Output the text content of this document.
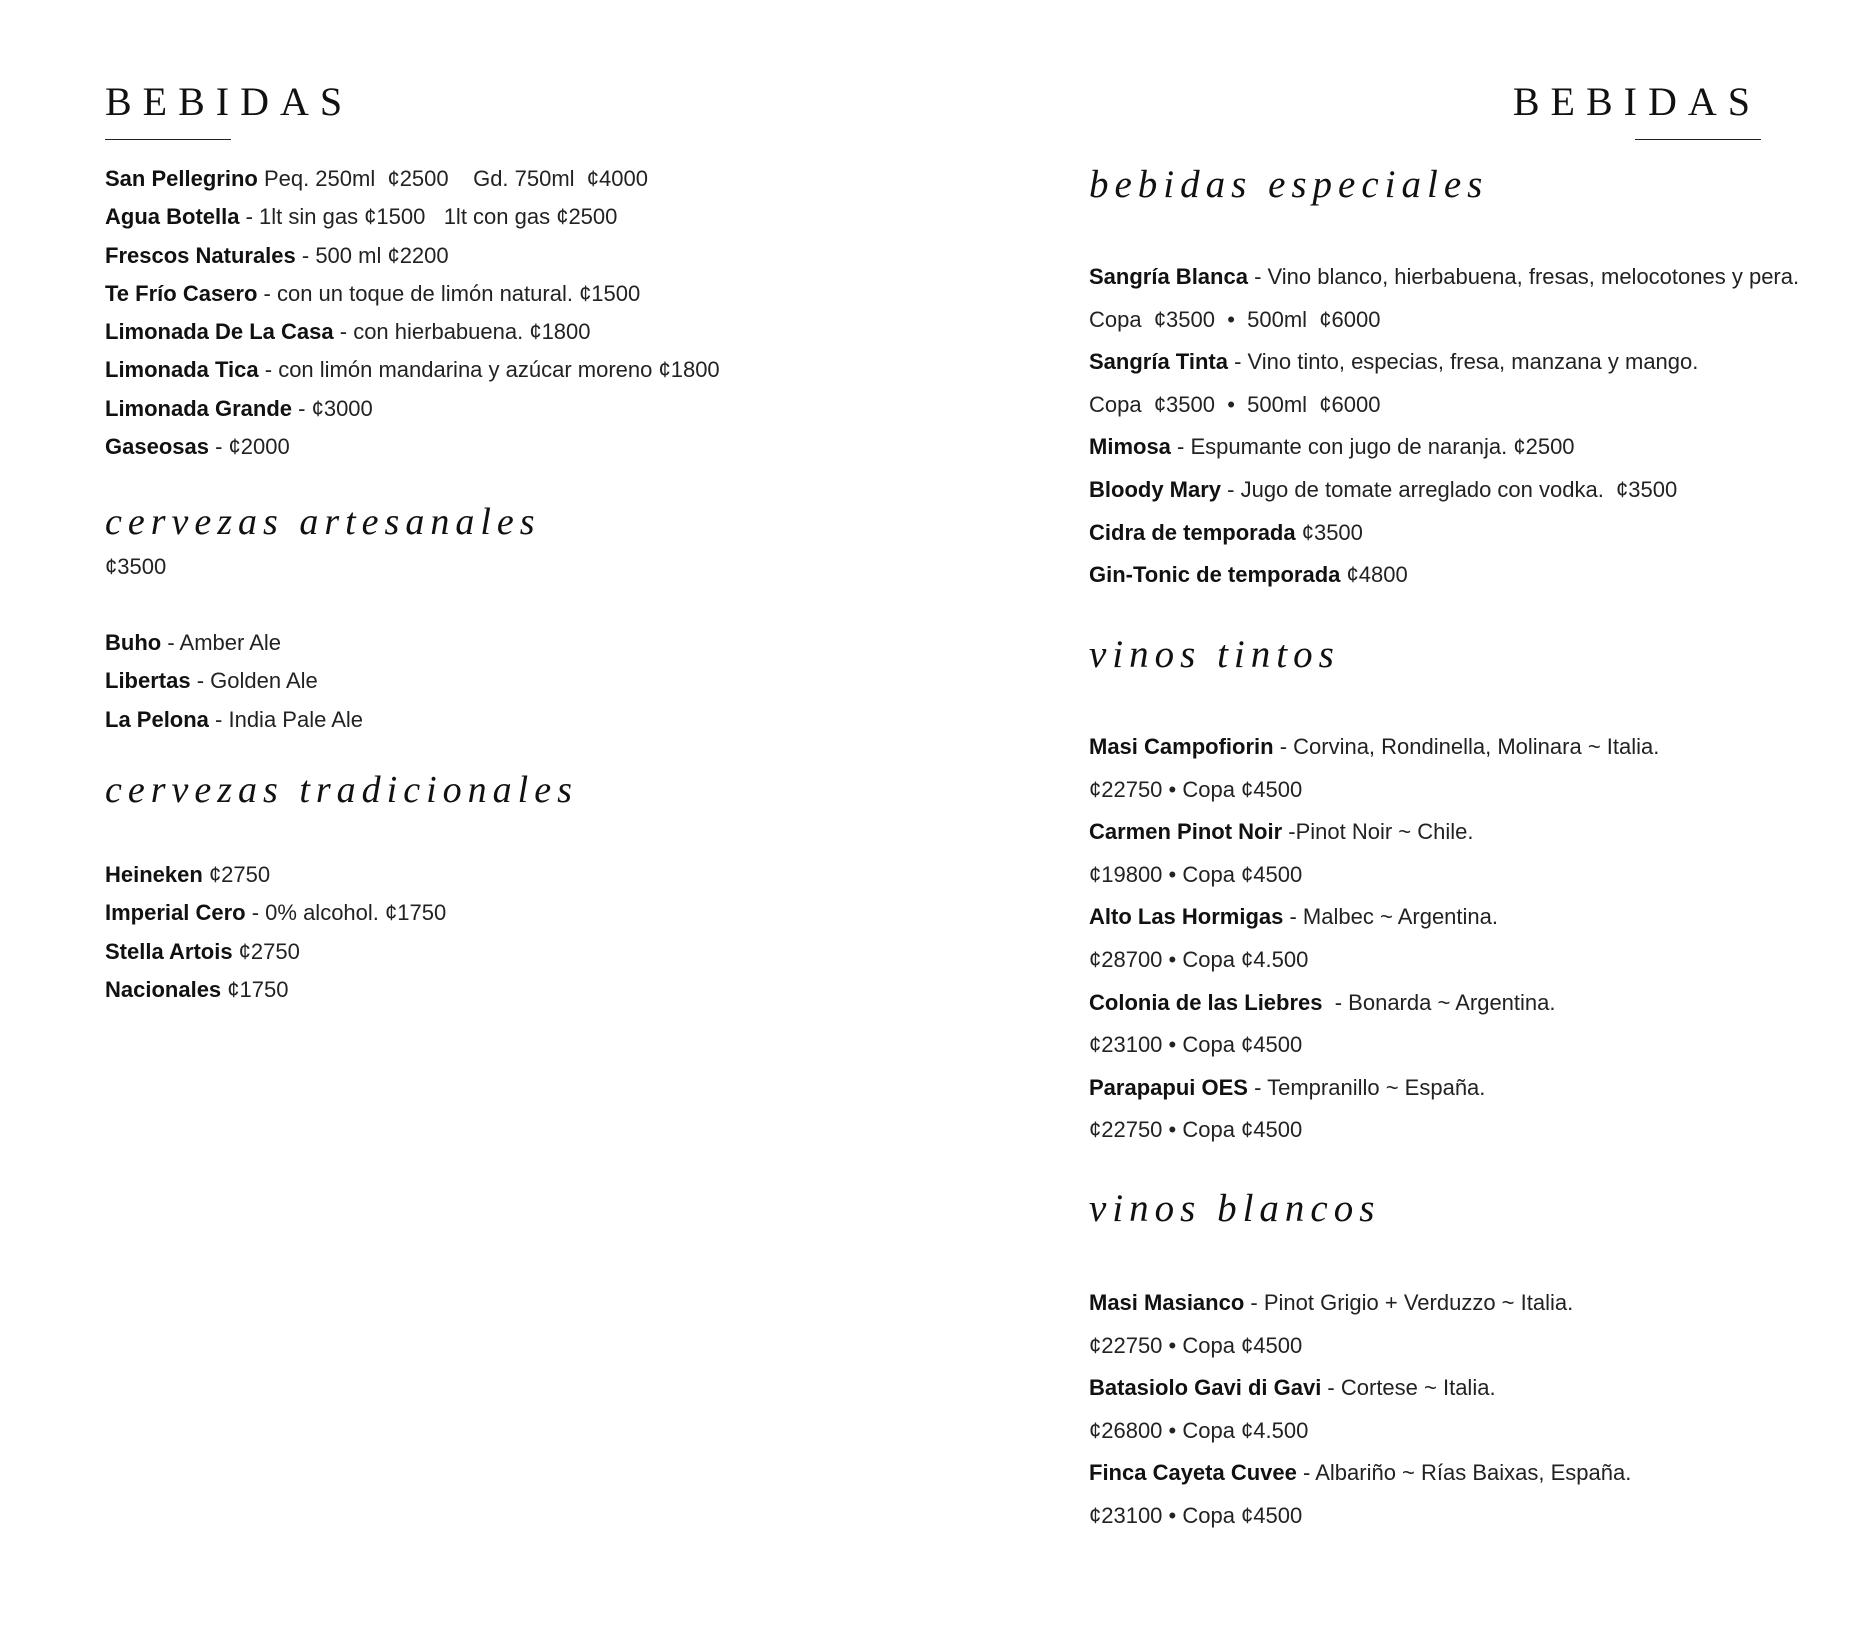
BEBIDAS	BEBIDAS
San Pellegrino Peq. 250ml  ¢2500    Gd. 750ml  ¢4000
Agua Botella - 1lt sin gas ¢1500   1lt con gas ¢2500
Frescos Naturales - 500 ml ¢2200
Te Frío Casero - con un toque de limón natural. ¢1500
Limonada De La Casa - con hierbabuena. ¢1800
Limonada Tica - con limón mandarina y azúcar moreno ¢1800
Limonada Grande - ¢3000
Gaseosas - ¢2000
cervezas artesanales
¢3500
Buho - Amber Ale
Libertas - Golden Ale
La Pelona - India Pale Ale
cervezas tradicionales
Heineken ¢2750
Imperial Cero - 0% alcohol. ¢1750
Stella Artois ¢2750
Nacionales ¢1750
bebidas especiales
Sangría Blanca - Vino blanco, hierbabuena, fresas, melocotones y pera.
Copa  ¢3500  •  500ml  ¢6000
Sangría Tinta - Vino tinto, especias, fresa, manzana y mango.
Copa  ¢3500  •  500ml  ¢6000
Mimosa - Espumante con jugo de naranja. ¢2500
Bloody Mary - Jugo de tomate arreglado con vodka.  ¢3500
Cidra de temporada ¢3500
Gin-Tonic de temporada ¢4800
vinos tintos
Masi Campofiorin - Corvina, Rondinella, Molinara ~ Italia.
¢22750 • Copa ¢4500
Carmen Pinot Noir -Pinot Noir ~ Chile.
¢19800 • Copa ¢4500
Alto Las Hormigas - Malbec ~ Argentina.
¢28700 • Copa ¢4.500
Colonia de las Liebres  - Bonarda ~ Argentina.
¢23100 • Copa ¢4500
Parapapui OES - Tempranillo ~ España.
¢22750 • Copa ¢4500
vinos blancos
Masi Masianco - Pinot Grigio + Verduzzo ~ Italia.
¢22750 • Copa ¢4500
Batasiolo Gavi di Gavi - Cortese ~ Italia.
¢26800 • Copa ¢4.500
Finca Cayeta Cuvee - Albariño ~ Rías Baixas, España.
¢23100 • Copa ¢4500
